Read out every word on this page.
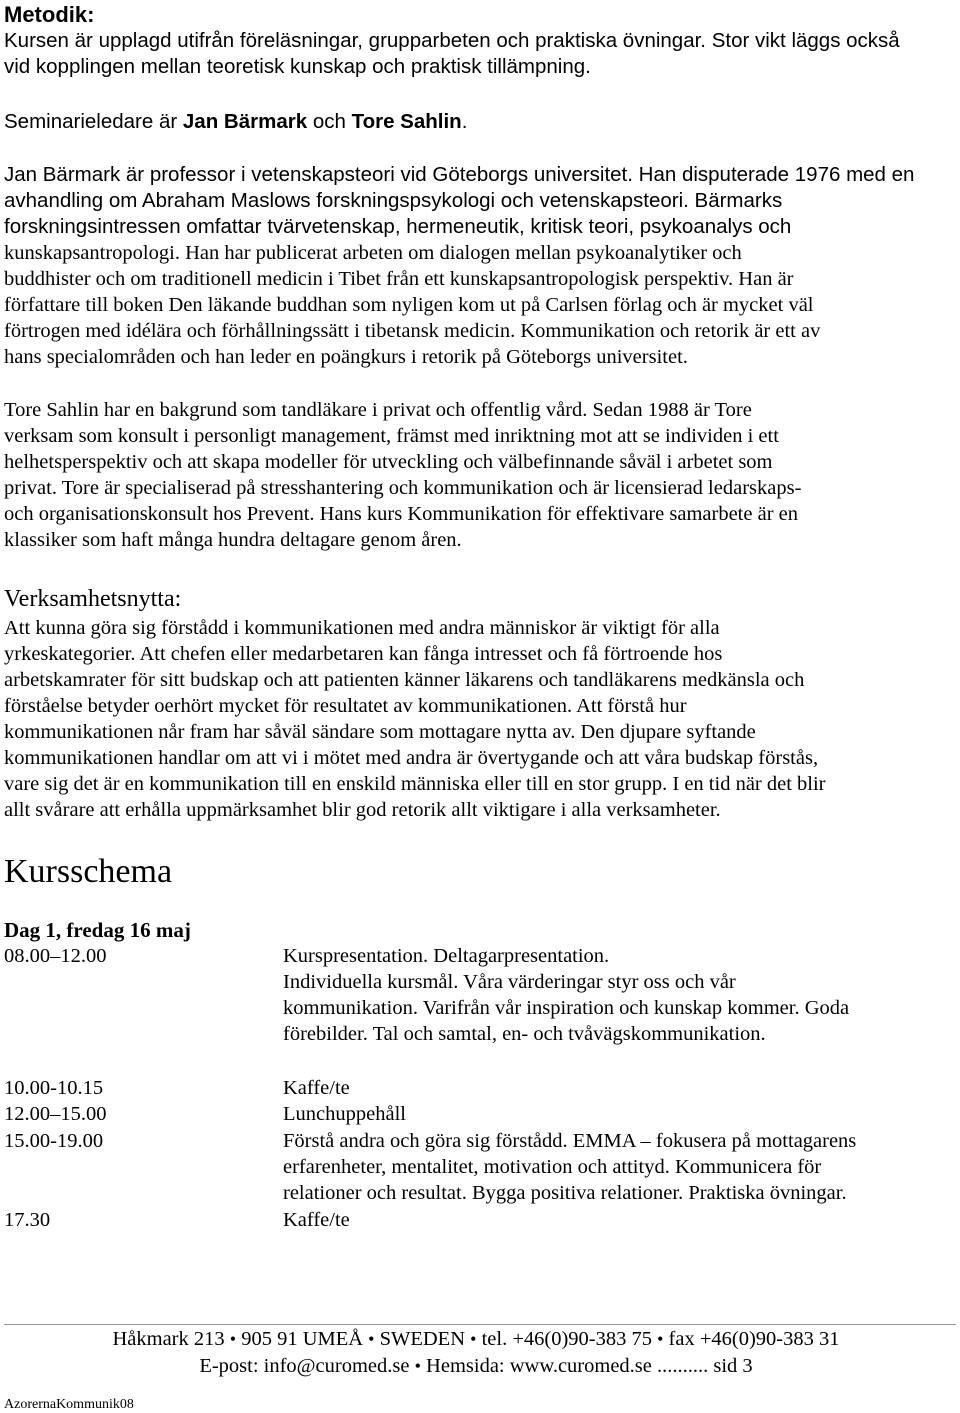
Metodik:
Kursen är upplagd utifrån föreläsningar, grupparbeten och praktiska övningar. Stor vikt läggs också
vid kopplingen mellan teoretisk kunskap och praktisk tillämpning.
Seminarieledare är Jan Bärmark och Tore Sahlin.
Jan Bärmark är professor i vetenskapsteori vid Göteborgs universitet. Han disputerade 1976 med en
avhandling om Abraham Maslows forskningspsykologi och vetenskapsteori. Bärmarks
forskningsintressen omfattar tvärvetenskap, hermeneutik, kritisk teori, psykoanalys och
kunskapsantropologi. Han har publicerat arbeten om dialogen mellan psykoanalytiker och
buddhister och om traditionell medicin i Tibet från ett kunskapsantropologisk perspektiv. Han är
författare till boken Den läkande buddhan som nyligen kom ut på Carlsen förlag och är mycket väl
förtrogen med idélära och förhållningssätt i tibetansk medicin. Kommunikation och retorik är ett av
hans specialområden och han leder en poängkurs i retorik på Göteborgs universitet.
Tore Sahlin har en bakgrund som tandläkare i privat och offentlig vård. Sedan 1988 är Tore
verksam som konsult i personligt management, främst med inriktning mot att se individen i ett
helhetsperspektiv och att skapa modeller för utveckling och välbefinnande såväl i arbetet som
privat. Tore är specialiserad på stresshantering och kommunikation och är licensierad ledarskaps-
och organisationskonsult hos Prevent. Hans kurs Kommunikation för effektivare samarbete är en
klassiker som haft många hundra deltagare genom åren.
Verksamhetsnytta:
Att kunna göra sig förstådd i kommunikationen med andra människor är viktigt för alla
yrkeskategorier. Att chefen eller medarbetaren kan fånga intresset och få förtroende hos
arbetskamrater för sitt budskap och att patienten känner läkarens och tandläkarens medkänsla och
förståelse betyder oerhört mycket för resultatet av kommunikationen. Att förstå hur
kommunikationen når fram har såväl sändare som mottagare nytta av. Den djupare syftande
kommunikationen handlar om att vi i mötet med andra är övertygande och att våra budskap förstås,
vare sig det är en kommunikation till en enskild människa eller till en stor grupp. I en tid när det blir
allt svårare att erhålla uppmärksamhet blir god retorik allt viktigare i alla verksamheter.
Kursschema
Dag 1, fredag 16 maj
08.00–12.00	Kurspresentation. Deltagarpresentation.
Individuella kursmål. Våra värderingar styr oss och vår
kommunikation. Varifrån vår inspiration och kunskap kommer. Goda
förebilder. Tal och samtal, en- och tvåvägskommunikation.
10.00-10.15	Kaffe/te
12.00–15.00	Lunchuppehåll
15.00-19.00	Förstå andra och göra sig förstådd. EMMA – fokusera på mottagarens
erfarenheter, mentalitet, motivation och attityd. Kommunicera för
relationer och resultat. Bygga positiva relationer. Praktiska övningar.
17.30	Kaffe/te
Håkmark 213 • 905 91 UMEÅ • SWEDEN • tel. +46(0)90-383 75 • fax +46(0)90-383 31
E-post: info@curomed.se • Hemsida: www.curomed.se .......... sid 3
AzorernaKommunik08
